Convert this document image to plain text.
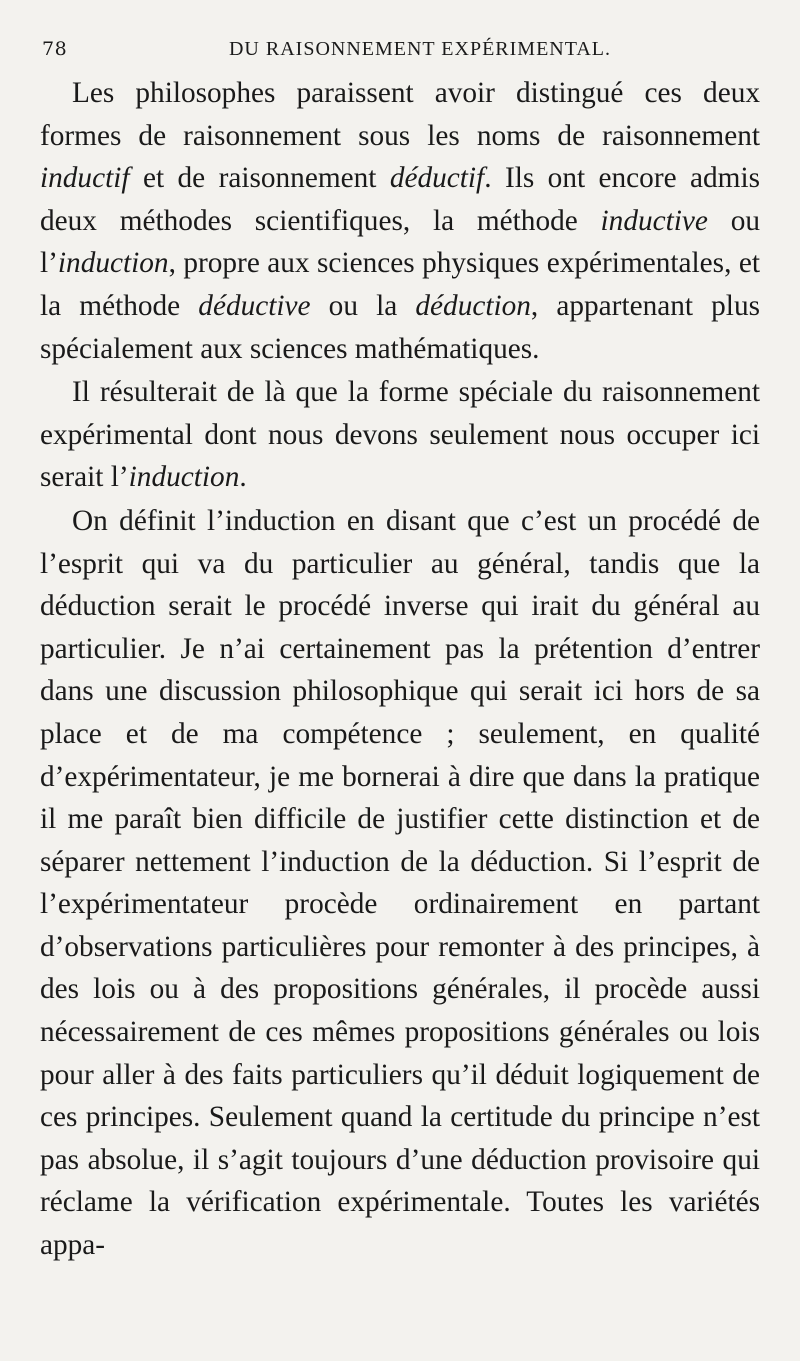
78	DU RAISONNEMENT EXPÉRIMENTAL.

Les philosophes paraissent avoir distingué ces deux formes de raisonnement sous les noms de raisonnement inductif et de raisonnement déductif. Ils ont encore admis deux méthodes scientifiques, la méthode inductive ou l’induction, propre aux sciences physiques expérimentales, et la méthode déductive ou la déduction, appartenant plus spécialement aux sciences mathématiques.

Il résulterait de là que la forme spéciale du raisonnement expérimental dont nous devons seulement nous occuper ici serait l’induction.

On définit l’induction en disant que c’est un procédé de l’esprit qui va du particulier au général, tandis que la déduction serait le procédé inverse qui irait du général au particulier. Je n’ai certainement pas la prétention d’entrer dans une discussion philosophique qui serait ici hors de sa place et de ma compétence ; seulement, en qualité d’expérimentateur, je me bornerai à dire que dans la pratique il me paraît bien difficile de justifier cette distinction et de séparer nettement l’induction de la déduction. Si l’esprit de l’expérimentateur procède ordinairement en partant d’observations particulières pour remonter à des principes, à des lois ou à des propositions générales, il procède aussi nécessairement de ces mêmes propositions générales ou lois pour aller à des faits particuliers qu’il déduit logiquement de ces principes. Seulement quand la certitude du principe n’est pas absolue, il s’agit toujours d’une déduction provisoire qui réclame la vérification expérimentale. Toutes les variétés appa-
